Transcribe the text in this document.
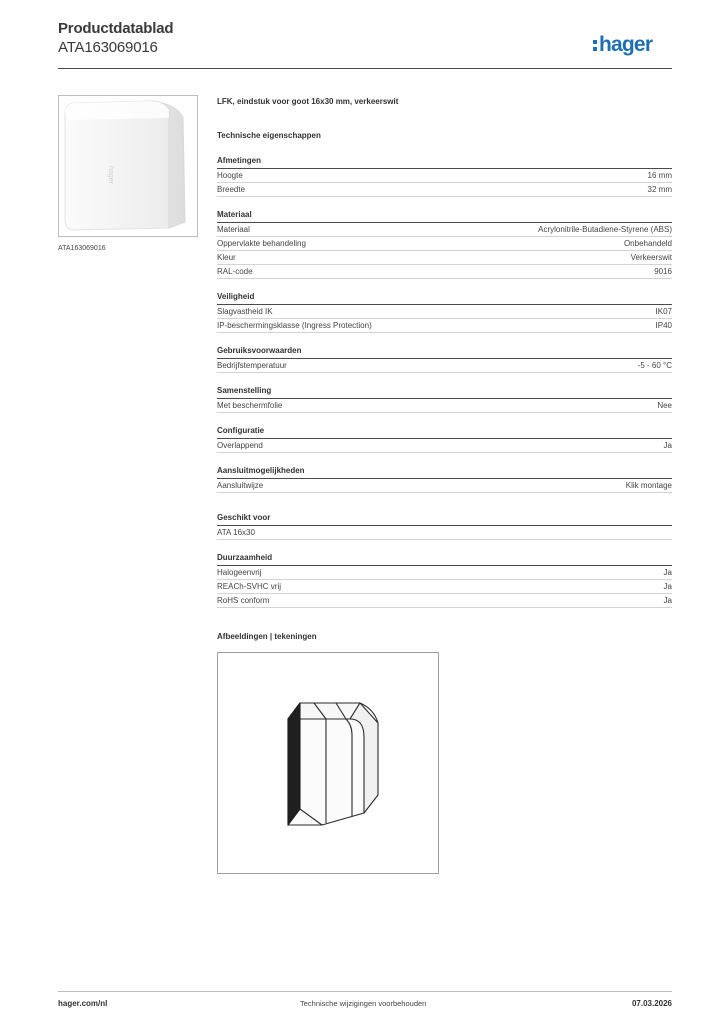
Productdatablad
ATA163069016	hager
hager
ATA163069016
LFK, eindstuk voor goot 16x30 mm, verkeerswit
Technische eigenschappen
Afmetingen
Hoogte	16 mm
Breedte	32 mm
Materiaal
Materiaal	Acrylonitrile-Butadiene-Styrene (ABS)
Oppervlakte behandeling	Onbehandeld
Kleur	Verkeerswit
RAL-code	9016
Veiligheid
Slagvastheid IK	IK07
IP-beschermingsklasse (Ingress Protection)	IP40
Gebruiksvoorwaarden
Bedrijfstemperatuur	-5 - 60 °C
Samenstelling
Met beschermfolie	Nee
Configuratie
Overlappend	Ja
Aansluitmogelijkheden
Aansluitwijze	Klik montage
Geschikt voor
ATA 16x30
Duurzaamheid
Halogeenvrij	Ja
REACh-SVHC vrij	Ja
RoHS conform	Ja
Afbeeldingen | tekeningen
hager.com/nl	Technische wijzigingen voorbehouden	07.03.2026
